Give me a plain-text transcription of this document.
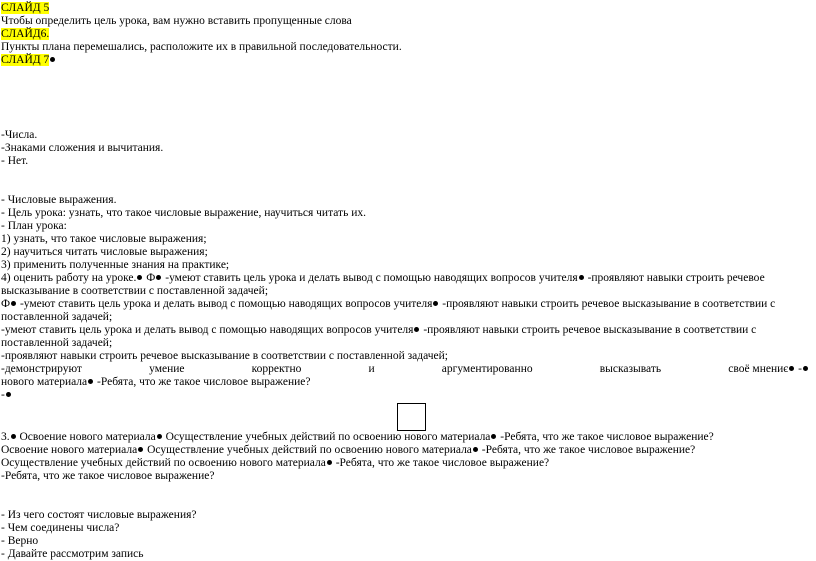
СЛАЙД 5
Чтобы определить цель урока, вам нужно вставить пропущенные слова
СЛАЙД6.
Пункты плана перемешались, расположите их в правильной последовательности.
СЛАЙД 7
-Числа.
-Знаками сложения и вычитания.
- Нет.
- Числовые выражения.
- Цель урока: узнать, что такое числовые выражение, научиться читать их.
- План урока:
1) узнать, что такое числовые выражения;
2) научиться читать числовые выражения;
3) применить полученные знания на практике;
4) оценить работу на уроке. Ф -умеют ставить цель урока и делать вывод с помощью наводящих вопросов учителя -проявляют навыки строить речевое высказывание в соответствии с поставленной задачей;
Ф -умеют ставить цель урока и делать вывод с помощью наводящих вопросов учителя -проявляют навыки строить речевое высказывание в соответствии с поставленной задачей;
-умеют ставить цель урока и делать вывод с помощью наводящих вопросов учителя -проявляют навыки строить речевое высказывание в соответствии с поставленной задачей;
-проявляют навыки строить речевое высказывание в соответствии с поставленной задачей;
-демонстрируют	умение	корректно	и	аргументированно	высказывать	своё мнениє -
нового материала -Ребята, что же такое числовое выражение?
-
3. Освоение нового материала Осуществление учебных действий по освоению нового материала -Ребята, что же такое числовое выражение?
Освоение нового материала Осуществление учебных действий по освоению нового материала -Ребята, что же такое числовое выражение?
Осуществление учебных действий по освоению нового материала -Ребята, что же такое числовое выражение?
-Ребята, что же такое числовое выражение?
- Из чего состоят числовые выражения?
- Чем соединены числа?
- Верно
- Давайте рассмотрим запись
